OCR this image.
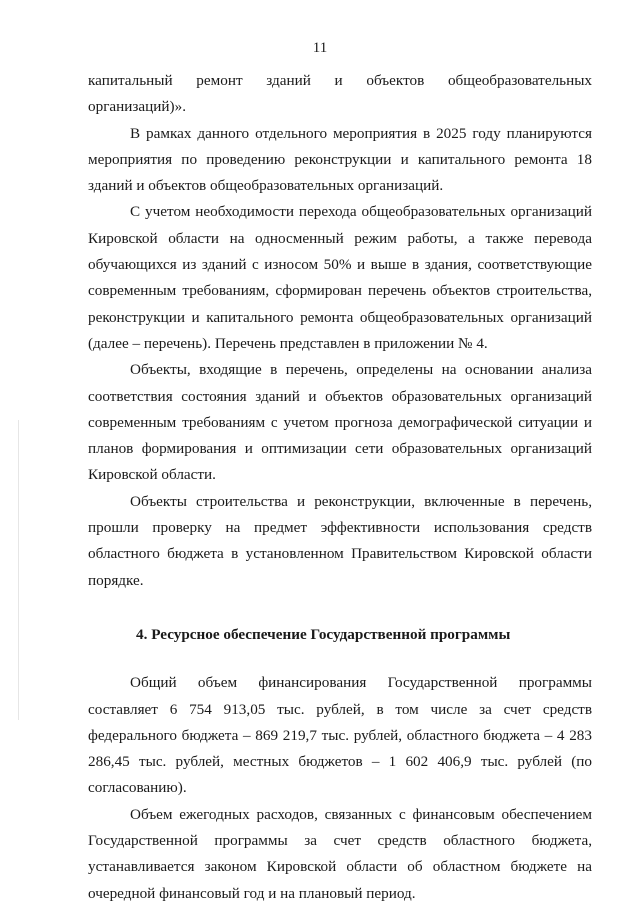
11

капитальный ремонт зданий и объектов общеобразовательных организаций)».

В рамках данного отдельного мероприятия в 2025 году планируются мероприятия по проведению реконструкции и капитального ремонта 18 зданий и объектов общеобразовательных организаций.

С учетом необходимости перехода общеобразовательных организаций Кировской области на односменный режим работы, а также перевода обучающихся из зданий с износом 50% и выше в здания, соответствующие современным требованиям, сформирован перечень объектов строительства, реконструкции и капитального ремонта общеобразовательных организаций (далее – перечень). Перечень представлен в приложении № 4.

Объекты, входящие в перечень, определены на основании анализа соответствия состояния зданий и объектов образовательных организаций современным требованиям с учетом прогноза демографической ситуации и планов формирования и оптимизации сети образовательных организаций Кировской области.

Объекты строительства и реконструкции, включенные в перечень, прошли проверку на предмет эффективности использования средств областного бюджета в установленном Правительством Кировской области порядке.

4. Ресурсное обеспечение Государственной программы

Общий объем финансирования Государственной программы составляет 6 754 913,05 тыс. рублей, в том числе за счет средств федерального бюджета – 869 219,7 тыс. рублей, областного бюджета – 4 283 286,45 тыс. рублей, местных бюджетов – 1 602 406,9 тыс. рублей (по согласованию).

Объем ежегодных расходов, связанных с финансовым обеспечением Государственной программы за счет средств областного бюджета, устанавливается законом Кировской области об областном бюджете на очередной финансовый год и на плановый период.
